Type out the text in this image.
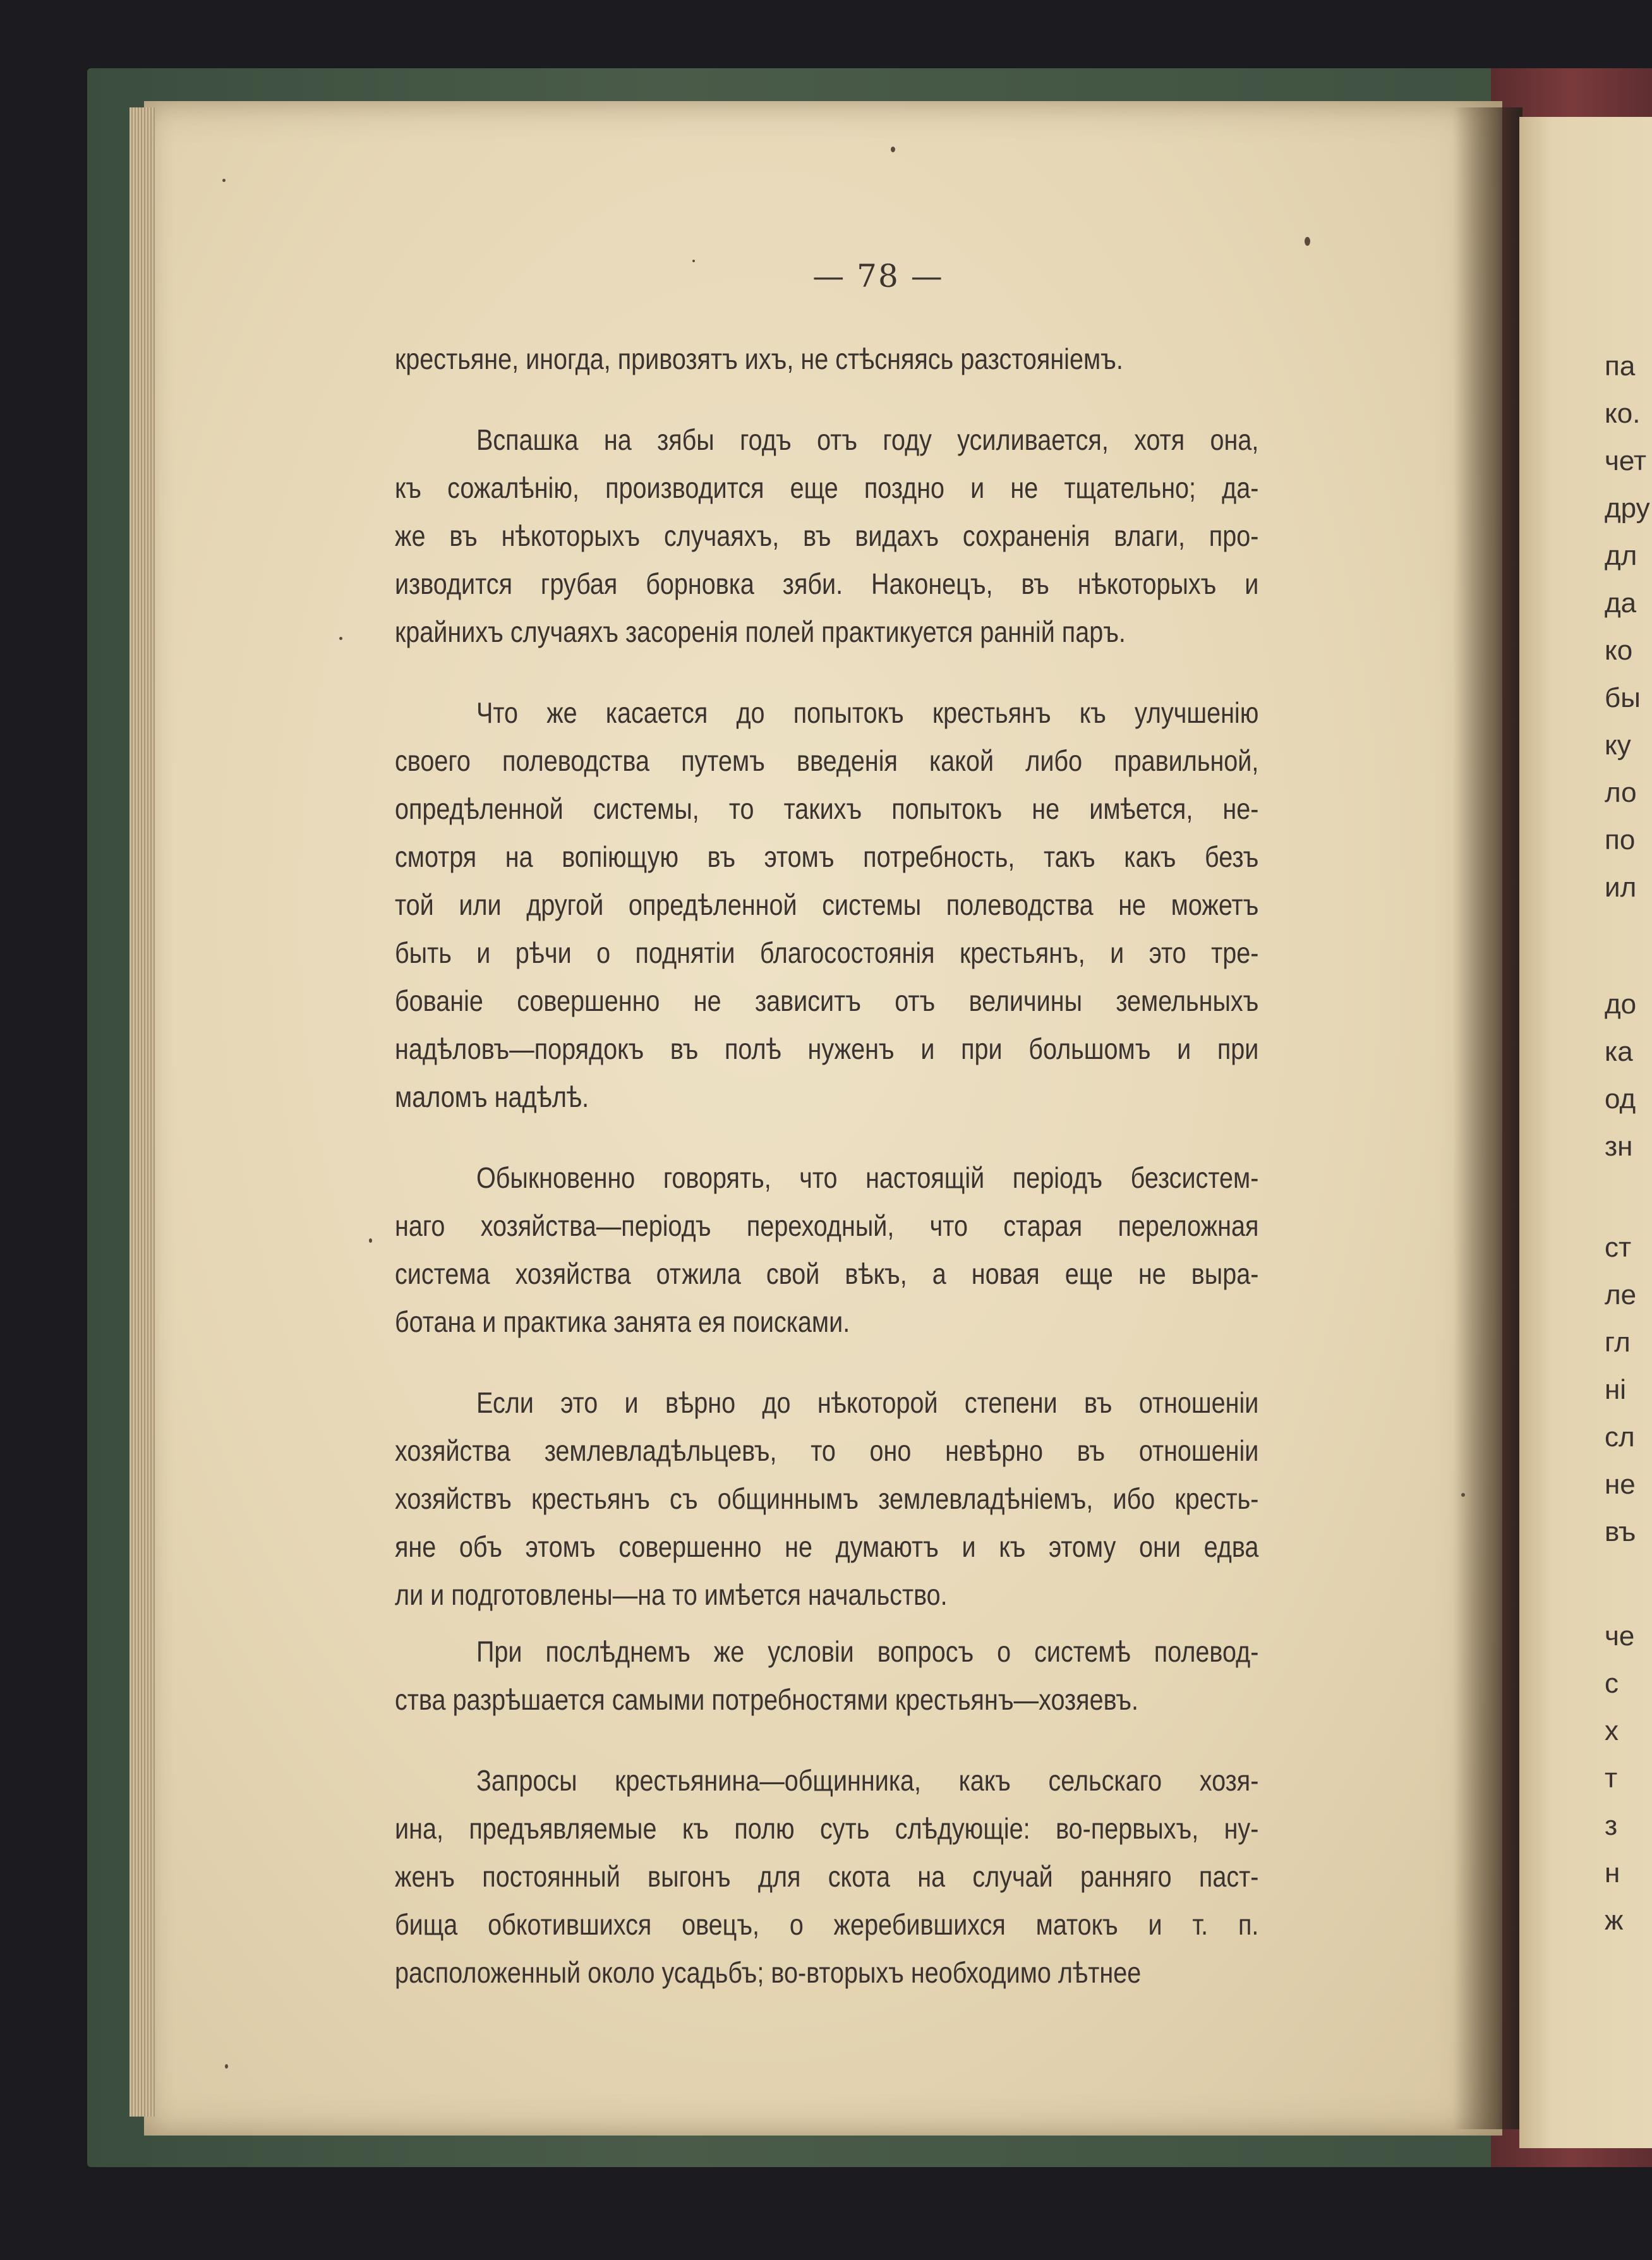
— 78 —

крестьяне, иногда, привозятъ ихъ, не стѣсняясь разстояніемъ.

Вспашка на зябы годъ отъ году усиливается, хотя она,
къ сожалѣнію, производится еще поздно и не тщательно; да-
же въ нѣкоторыхъ случаяхъ, въ видахъ сохраненія влаги, про-
изводится грубая борновка зяби. Наконецъ, въ нѣкоторыхъ и
крайнихъ случаяхъ засоренія полей практикуется ранній паръ.

Что же касается до попытокъ крестьянъ къ улучшенію
своего полеводства путемъ введенія какой либо правильной,
опредѣленной системы, то такихъ попытокъ не имѣется, не-
смотря на вопіющую въ этомъ потребность, такъ какъ безъ
той или другой опредѣленной системы полеводства не можетъ
быть и рѣчи о поднятіи благосостоянія крестьянъ, и это тре-
бованіе совершенно не зависитъ отъ величины земельныхъ
надѣловъ—порядокъ въ полѣ нуженъ и при большомъ и при
маломъ надѣлѣ.

Обыкновенно говорять, что настоящій періодъ безсистем-
наго хозяйства—періодъ переходный, что старая переложная
система хозяйства отжила свой вѣкъ, а новая еще не выра-
ботана и практика занята ея поисками.

Если это и вѣрно до нѣкоторой степени въ отношеніи
хозяйства землевладѣльцевъ, то оно невѣрно въ отношеніи
хозяйствъ крестьянъ съ общиннымъ землевладѣніемъ, ибо кресть-
яне объ этомъ совершенно не думаютъ и къ этому они едва
ли и подготовлены—на то имѣется начальство.

При послѣднемъ же условіи вопросъ о системѣ полевод-
ства разрѣшается самыми потребностями крестьянъ—хозяевъ.

Запросы крестьянина—общинника, какъ сельскаго хозя-
ина, предъявляемые къ полю суть слѣдующіе: во-первыхъ, ну-
женъ постоянный выгонъ для скота на случай ранняго паст-
бища обкотившихся овецъ, о жеребившихся матокъ и т. п.
расположенный около усадьбъ; во-вторыхъ необходимо лѣтнее

па
ко.
чет
дру
дл
да
ко
бы
ку
ло
по
ил
до
ка
од
зн
ст
ле
гл
ні
сл
не
въ
че
с
х
т
з
н
ж
